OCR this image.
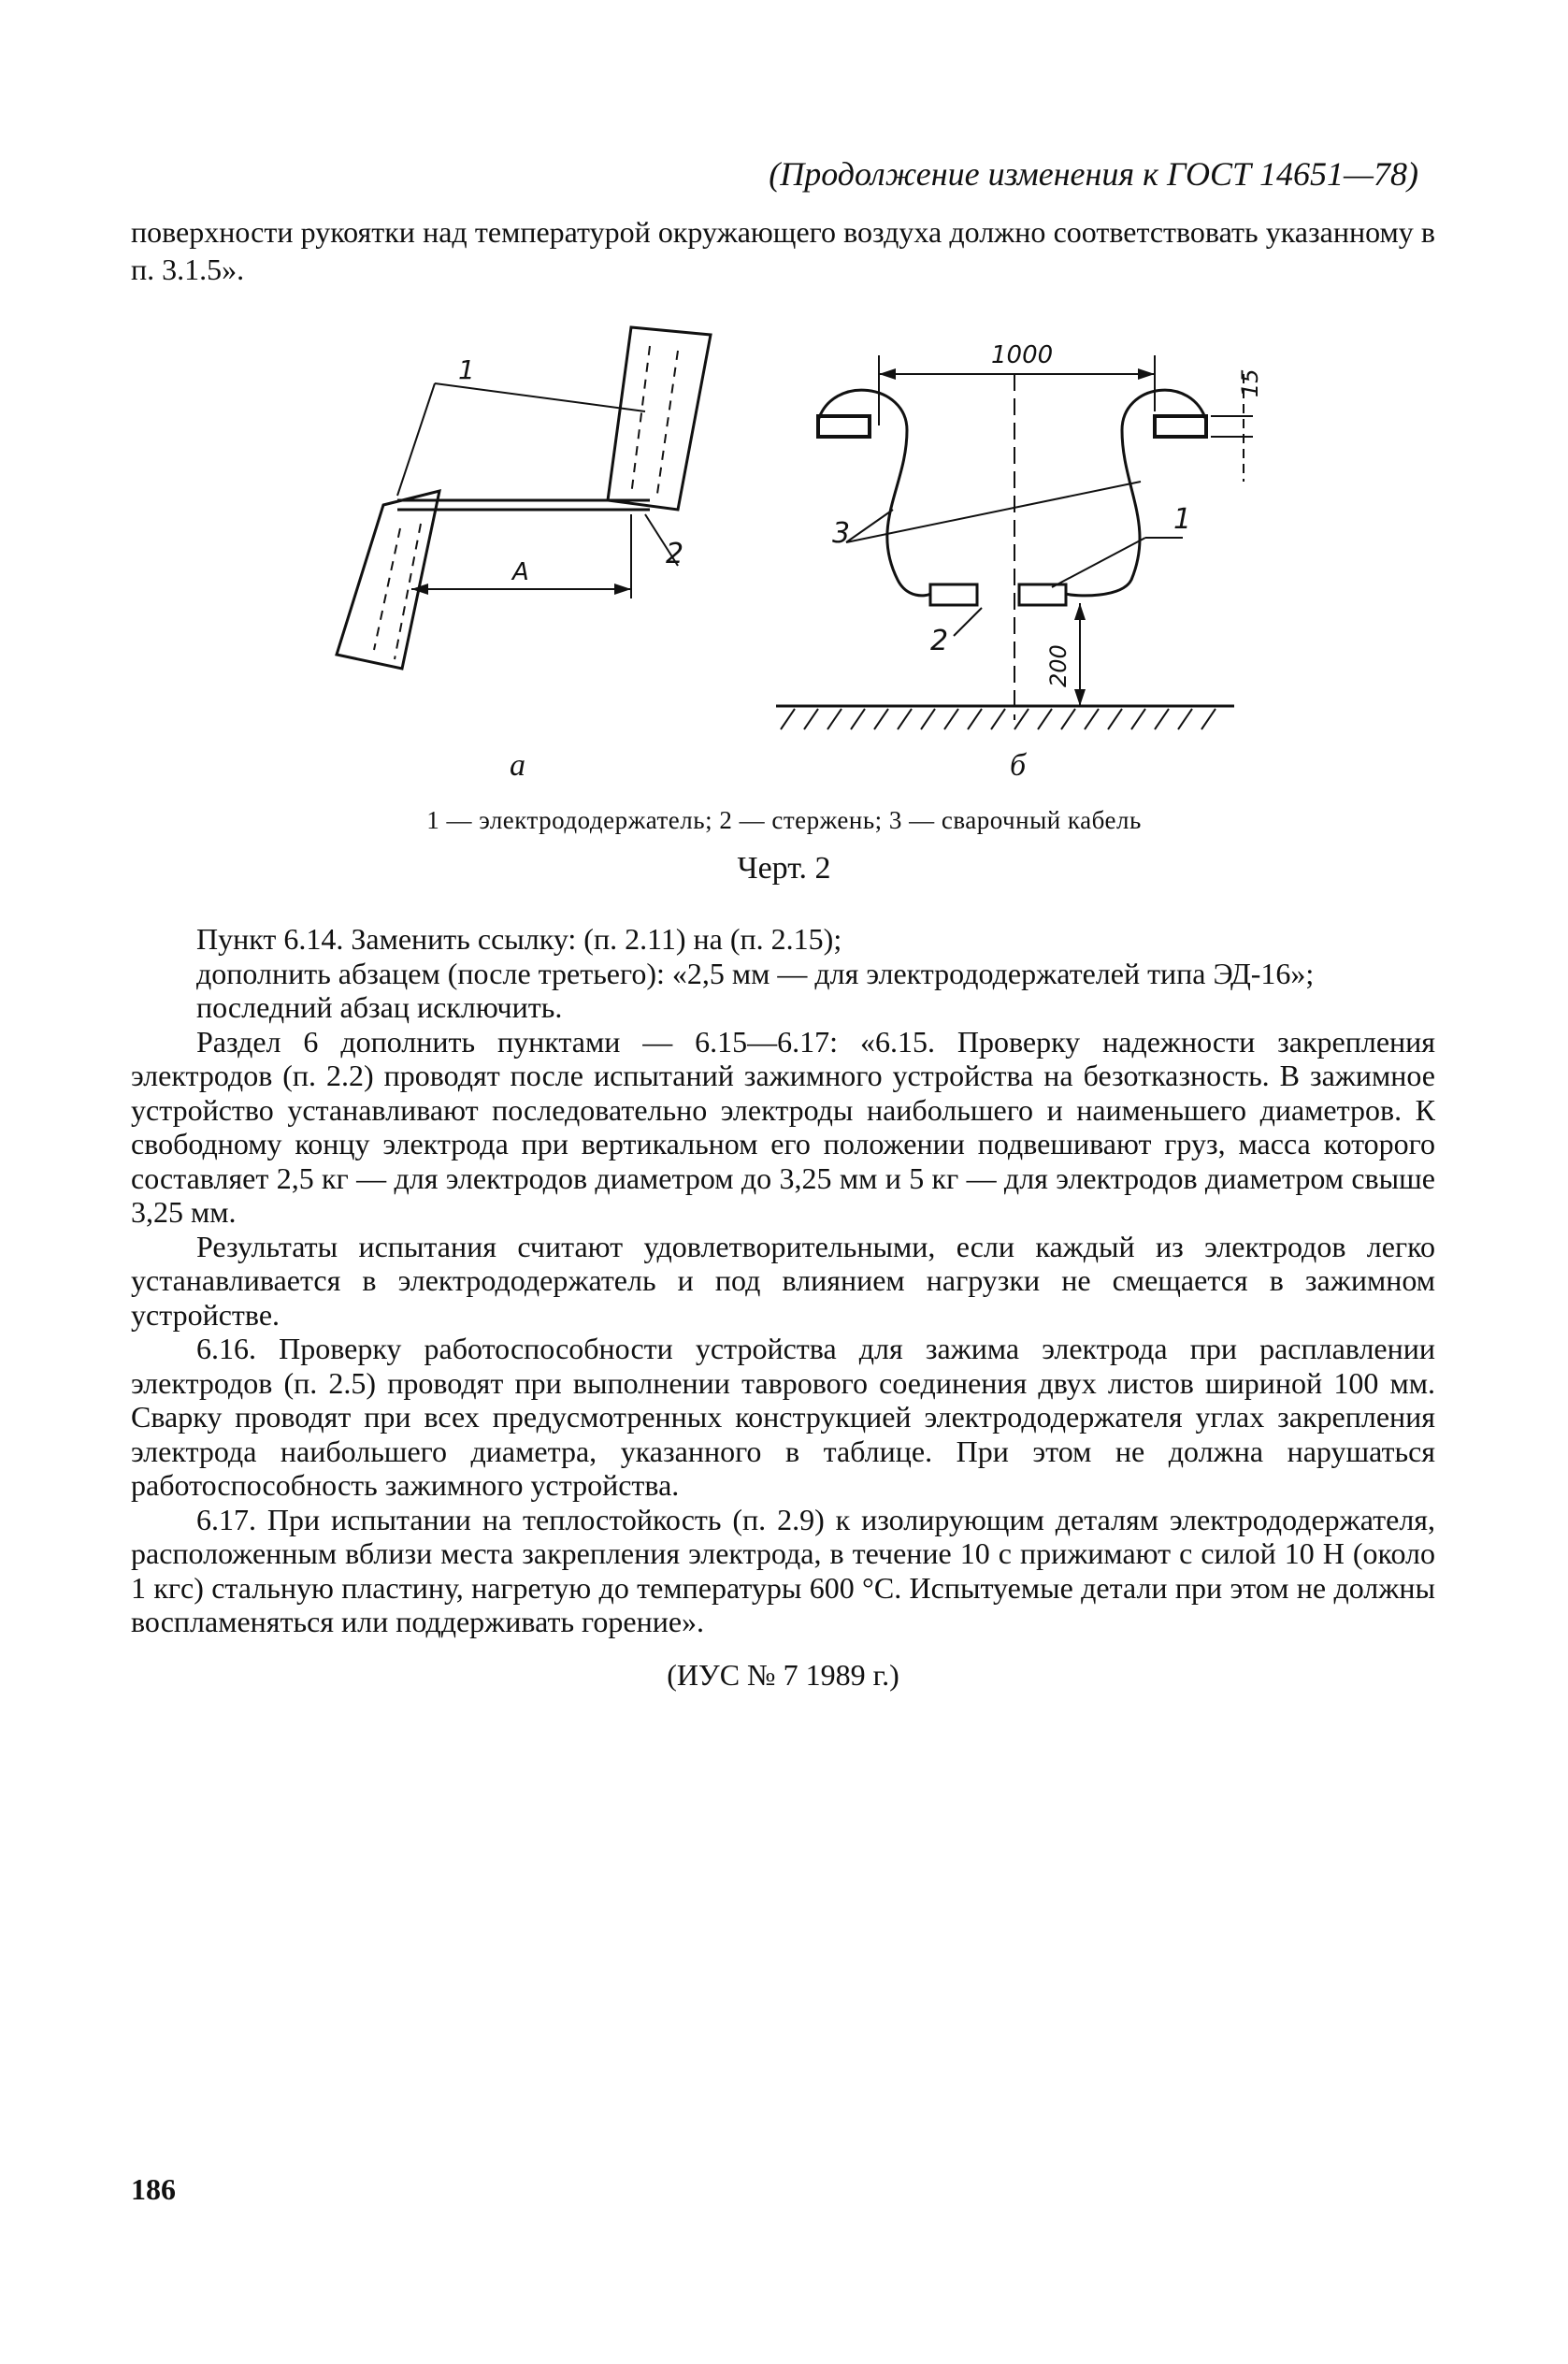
(Продолжение изменения к ГОСТ 14651—78)
поверхности рукоятки над температурой окружающего воздуха должно соответствовать указанному в п. 3.1.5».
А
1
2
1000
15
200
3	1
2
а	б
1 — электрододержатель; 2 — стержень; 3 — сварочный кабель
Черт. 2

Пункт 6.14. Заменить ссылку: (п. 2.11) на (п. 2.15);

дополнить абзацем (после третьего): «2,5 мм — для электрододержателей типа ЭД-16»;

последний абзац исключить.

Раздел 6 дополнить пунктами — 6.15—6.17: «6.15. Проверку надежности закрепления электродов (п. 2.2) проводят после испытаний зажимного устройства на безотказность. В зажимное устройство устанавливают последовательно электроды наибольшего и наименьшего диаметров. К свободному концу электрода при вертикальном его положении подвешивают груз, масса которого составляет 2,5 кг — для электродов диаметром до 3,25 мм и 5 кг — для электродов диаметром свыше 3,25 мм.

Результаты испытания считают удовлетворительными, если каждый из электродов легко устанавливается в электрододержатель и под влиянием нагрузки не смещается в зажимном устройстве.

6.16. Проверку работоспособности устройства для зажима электрода при расплавлении электродов (п. 2.5) проводят при выполнении таврового соединения двух листов шириной 100 мм. Сварку проводят при всех предусмотренных конструкцией электрододержателя углах закрепления электрода наибольшего диаметра, указанного в таблице. При этом не должна нарушаться работоспособность зажимного устройства.

6.17. При испытании на теплостойкость (п. 2.9) к изолирующим деталям электрододержателя, расположенным вблизи места закрепления электрода, в течение 10 с прижимают с силой 10 Н (около 1 кгс) стальную пластину, нагретую до температуры 600 °С. Испытуемые детали при этом не должны воспламеняться или поддерживать горение».

(ИУС № 7 1989 г.)

186
